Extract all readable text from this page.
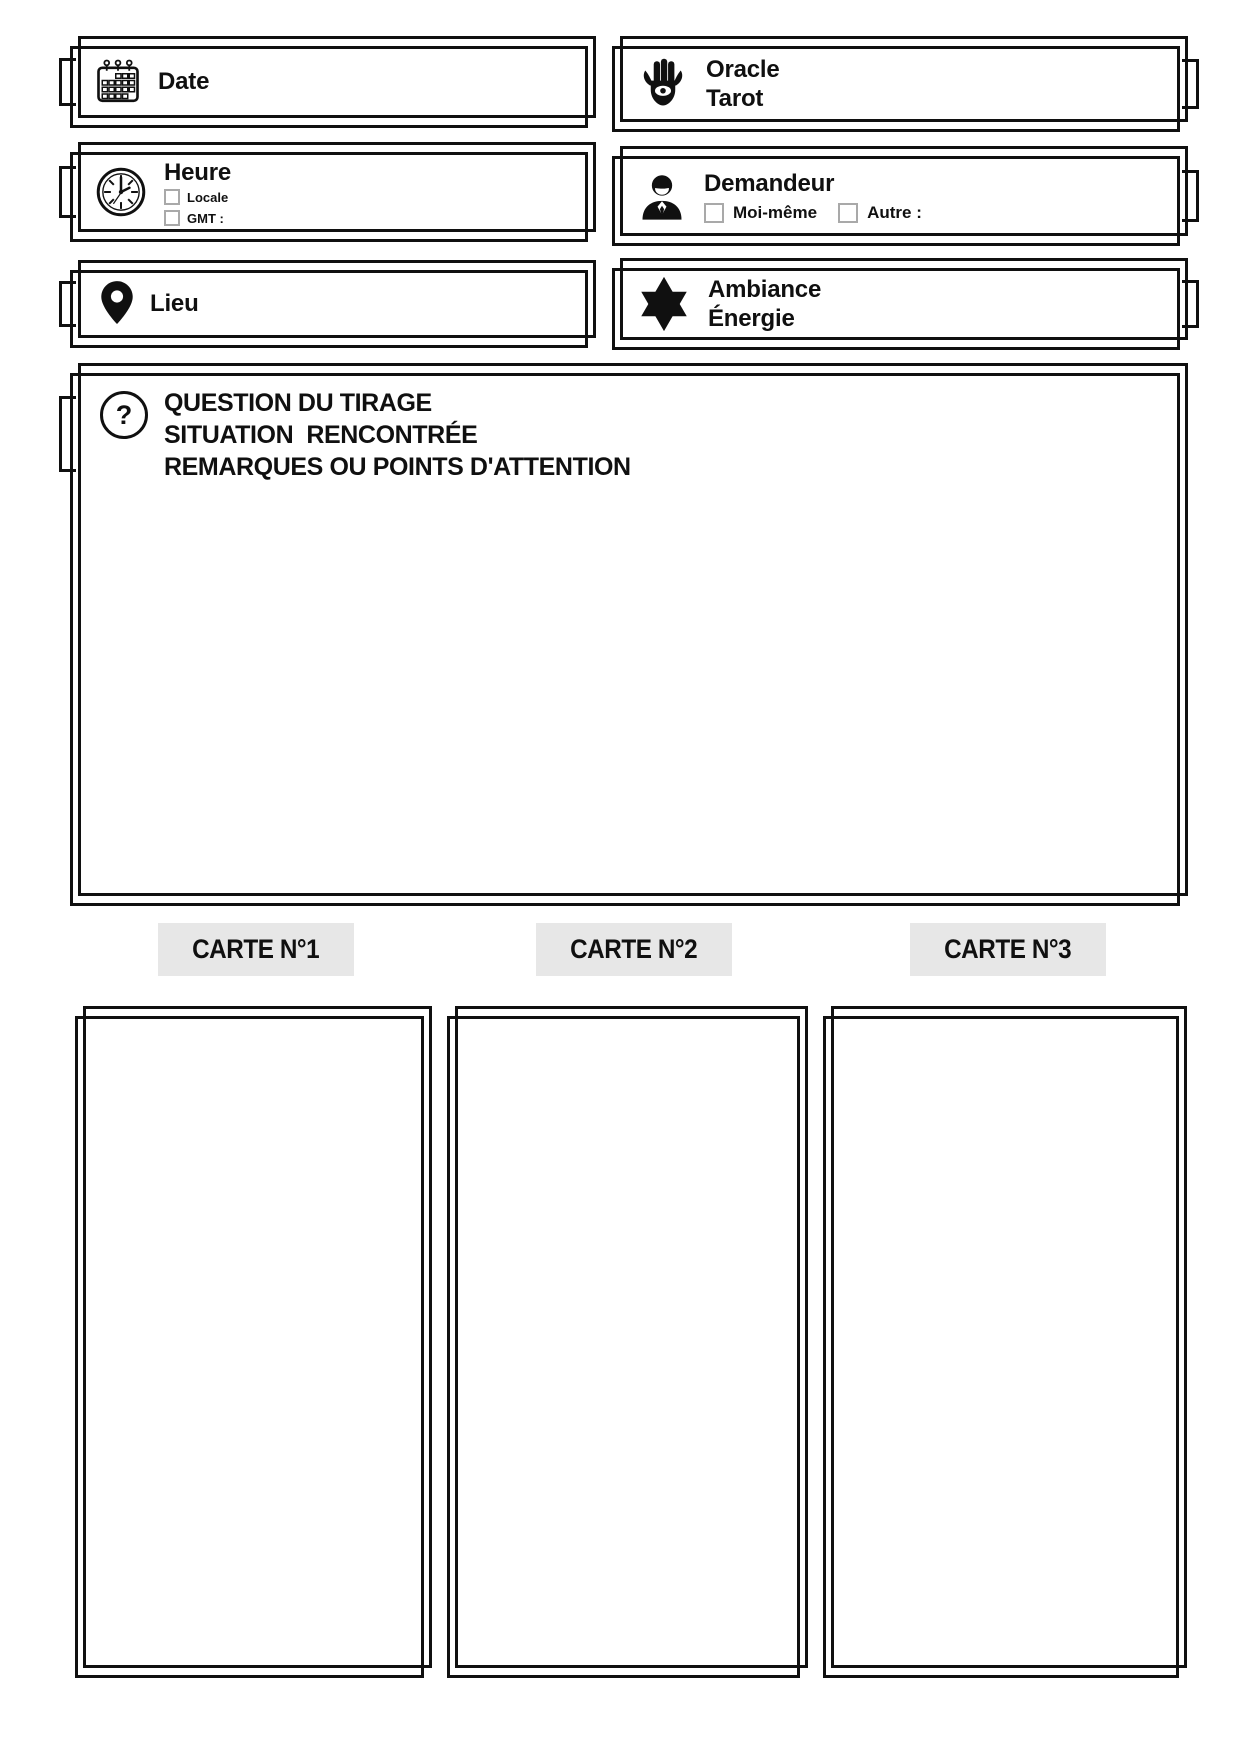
Date	Oracle
Tarot
Heure
Locale
GMT :
Demandeur
Moi-même	Autre :
Lieu
Ambiance
Énergie
? QUESTION DU TIRAGE
SITUATION  RENCONTRÉE
REMARQUES OU POINTS D'ATTENTION
CARTE N°1	CARTE N°2	CARTE N°3
